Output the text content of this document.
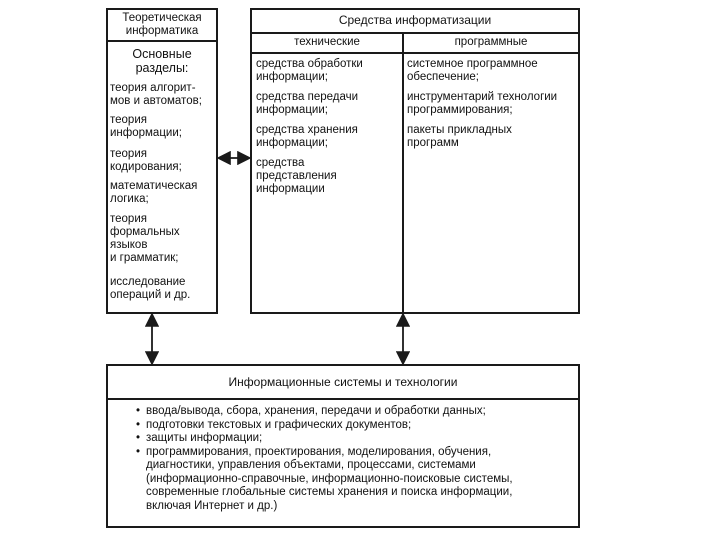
Теоретическая
информатика
Основные
разделы:
теория алгорит-
мов и автоматов;
теория
информации;
теория
кодирования;
математическая
логика;
теория
формальных
языков
и грамматик;
исследование
операций и др.
Средства информатизации
технические	программные
средства обработки
информации;
средства передачи
информации;
средства хранения
информации;
средства
представления
информации
системное программное
обеспечение;
инструментарий технологии
программирования;
пакеты прикладных
программ
Информационные системы и технологии
• ввода/вывода, сбора, хранения, передачи и обработки данных;
• подготовки текстовых и графических документов;
• защиты информации;
• программирования, проектирования, моделирования, обучения,
диагностики, управления объектами, процессами, системами
(информационно-справочные, информационно-поисковые системы,
современные глобальные системы хранения и поиска информации,
включая Интернет и др.)
